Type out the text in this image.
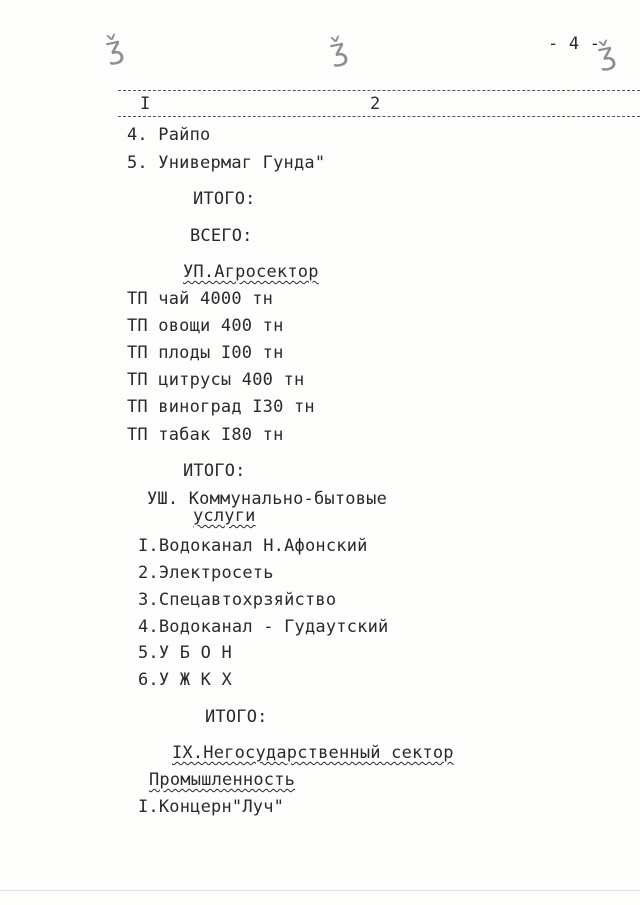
ǯ	ǯ	ǯ
- 4 -
I	2
4. Райпо
5. Универмаг Гунда"
ИТОГО:
ВСЕГО:
УП.Агросектор
ТП чай 4000 тн
ТП овощи 400 тн
ТП плоды I00 тн
ТП цитрусы 400 тн
ТП виноград I30 тн
ТП табак I80 тн
ИТОГО:
УШ. Коммунально-бытовые
услуги
I.Водоканал Н.Афонский
2.Электросеть
3.Спецавтохрзяйство
4.Водоканал - Гудаутский
5.У Б О Н
6.У Ж К Х
ИТОГО:
IX.Негосударственный сектор
Промышленность
I.Концерн"Луч"
